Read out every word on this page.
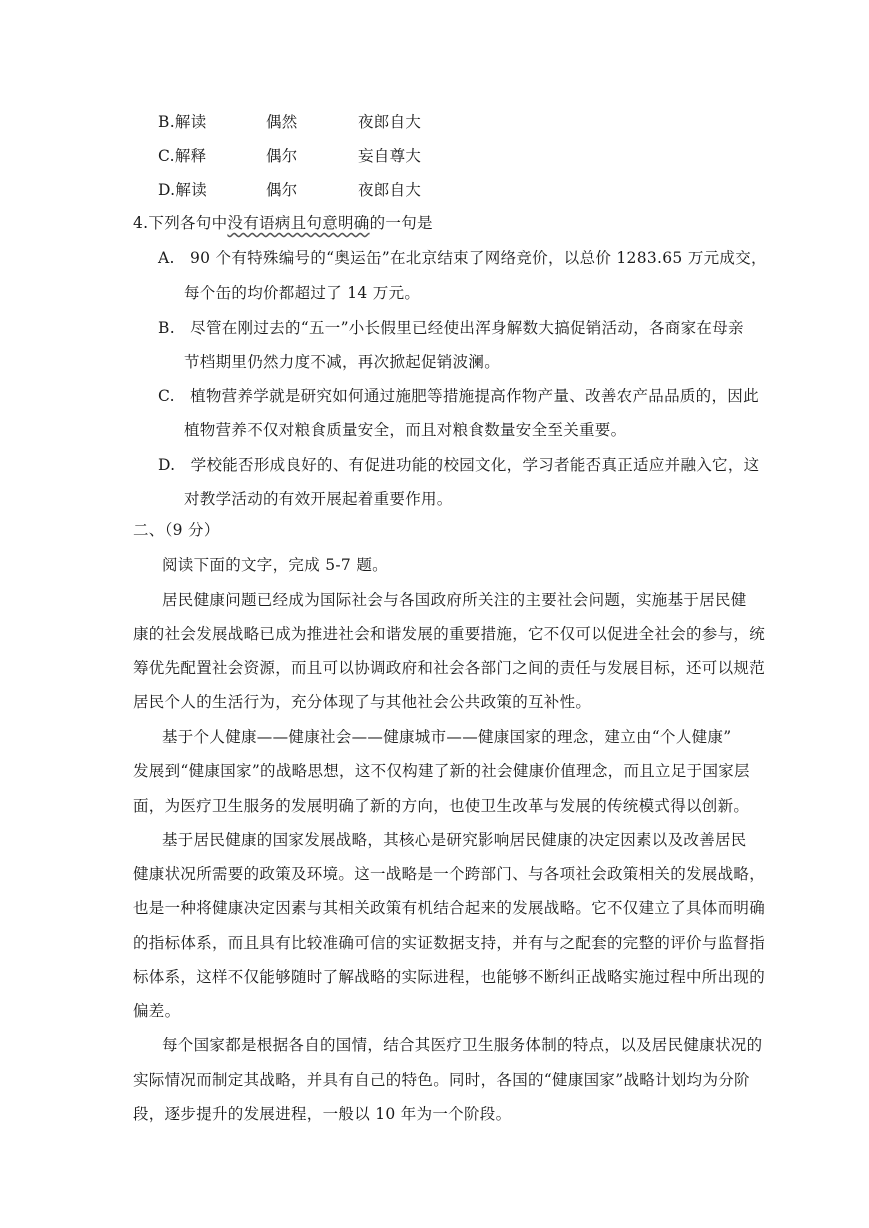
B.解读	偶然	夜郎自大
C.解释	偶尔	妄自尊大
D.解读	偶尔	夜郎自大
4.下列各句中没有语病且句意明确的一句是
A. 90 个有特殊编号的“奥运缶”在北京结束了网络竞价，以总价 1283.65 万元成交，
每个缶的均价都超过了 14 万元。
B. 尽管在刚过去的“五一”小长假里已经使出浑身解数大搞促销活动，各商家在母亲
节档期里仍然力度不减，再次掀起促销波澜。
C. 植物营养学就是研究如何通过施肥等措施提高作物产量、改善农产品品质的，因此
植物营养不仅对粮食质量安全，而且对粮食数量安全至关重要。
D. 学校能否形成良好的、有促进功能的校园文化，学习者能否真正适应并融入它，这
对教学活动的有效开展起着重要作用。
二、（9 分）
阅读下面的文字，完成 5-7 题。
居民健康问题已经成为国际社会与各国政府所关注的主要社会问题，实施基于居民健
康的社会发展战略已成为推进社会和谐发展的重要措施，它不仅可以促进全社会的参与，统
筹优先配置社会资源，而且可以协调政府和社会各部门之间的责任与发展目标，还可以规范
居民个人的生活行为，充分体现了与其他社会公共政策的互补性。
基于个人健康——健康社会——健康城市——健康国家的理念，建立由“个人健康”
发展到“健康国家”的战略思想，这不仅构建了新的社会健康价值理念，而且立足于国家层
面，为医疗卫生服务的发展明确了新的方向，也使卫生改革与发展的传统模式得以创新。
基于居民健康的国家发展战略，其核心是研究影响居民健康的决定因素以及改善居民
健康状况所需要的政策及环境。这一战略是一个跨部门、与各项社会政策相关的发展战略，
也是一种将健康决定因素与其相关政策有机结合起来的发展战略。它不仅建立了具体而明确
的指标体系，而且具有比较准确可信的实证数据支持，并有与之配套的完整的评价与监督指
标体系，这样不仅能够随时了解战略的实际进程，也能够不断纠正战略实施过程中所出现的
偏差。
每个国家都是根据各自的国情，结合其医疗卫生服务体制的特点，以及居民健康状况的
实际情况而制定其战略，并具有自己的特色。同时，各国的“健康国家”战略计划均为分阶
段，逐步提升的发展进程，一般以 10 年为一个阶段。
